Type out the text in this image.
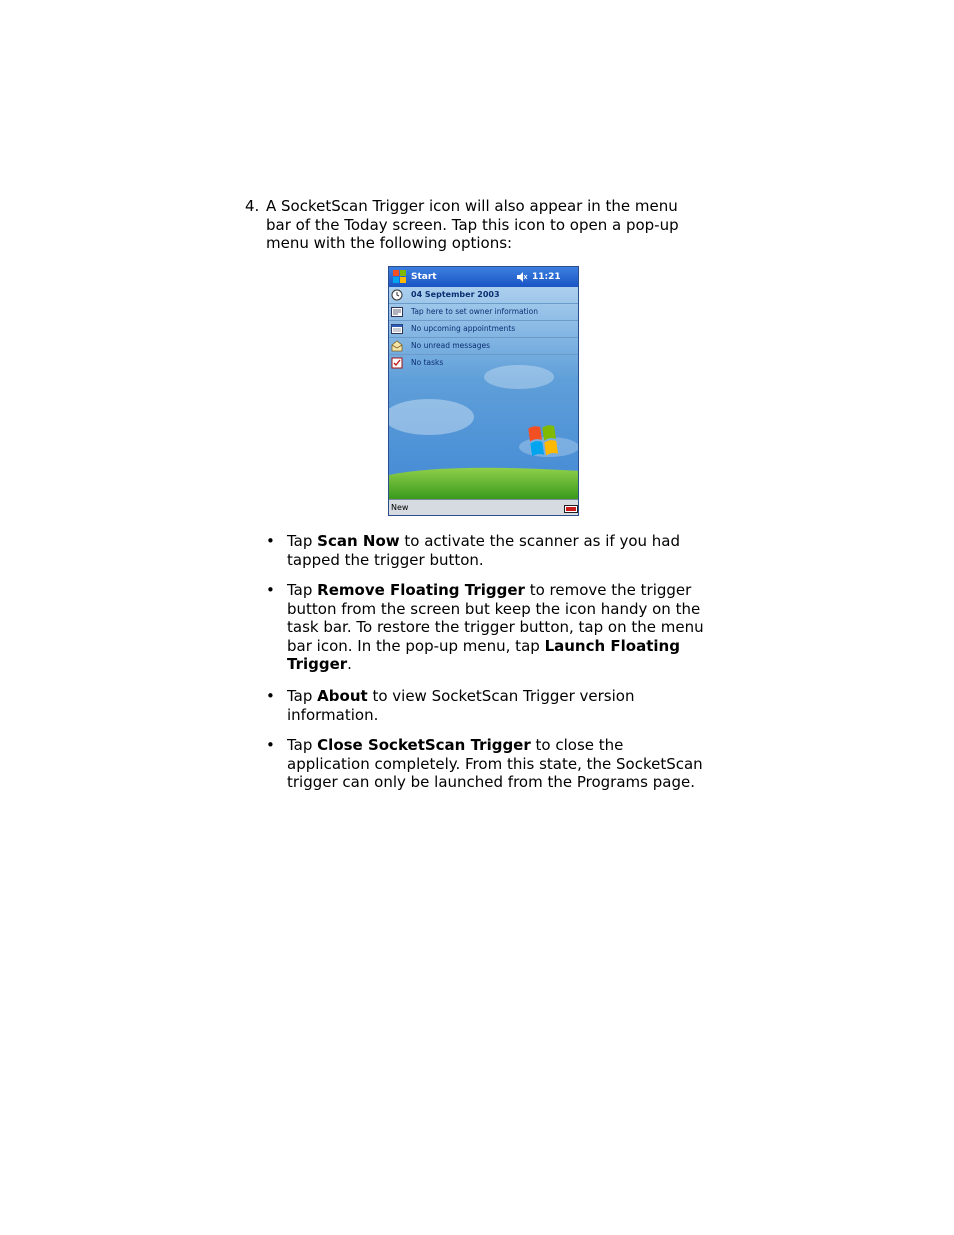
4. A SocketScan Trigger icon will also appear in the menu bar of the Today screen. Tap this icon to open a pop-up menu with the following options:
Start	11:21
04 September 2003
Tap here to set owner information
No upcoming appointments
No unread messages
No tasks
New
• Tap Scan Now to activate the scanner as if you had tapped the trigger button.
• Tap Remove Floating Trigger to remove the trigger button from the screen but keep the icon handy on the task bar. To restore the trigger button, tap on the menu bar icon. In the pop-up menu, tap Launch Floating Trigger.
• Tap About to view SocketScan Trigger version information.
• Tap Close SocketScan Trigger to close the application completely. From this state, the SocketScan trigger can only be launched from the Programs page.
